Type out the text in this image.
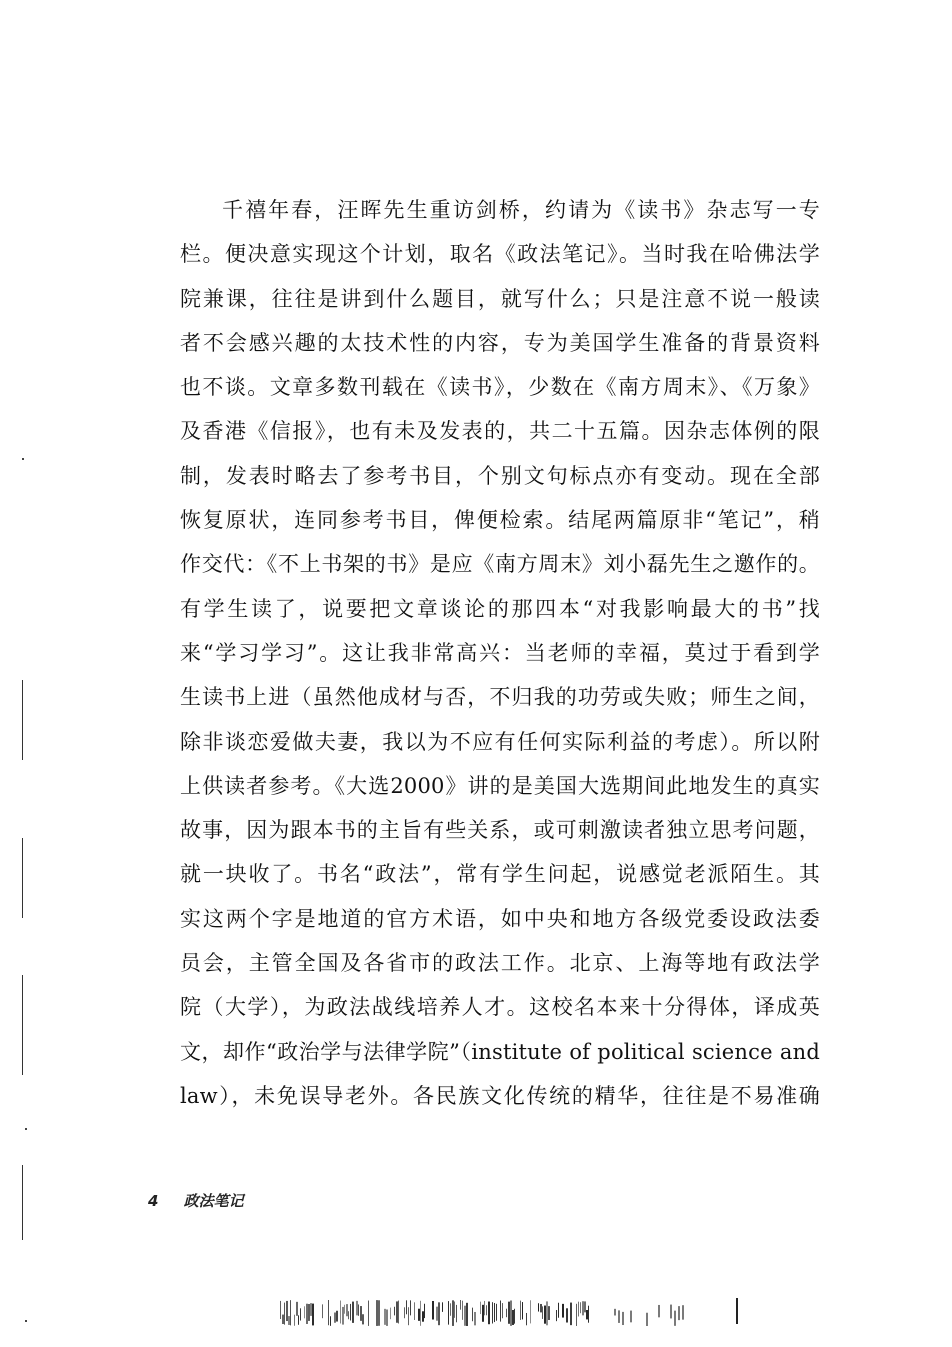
千禧年春，汪晖先生重访剑桥，约请为《读书》杂志写一专
栏。便决意实现这个计划，取名《政法笔记》。当时我在哈佛法学
院兼课，往往是讲到什么题目，就写什么；只是注意不说一般读
者不会感兴趣的太技术性的内容，专为美国学生准备的背景资料
也不谈。文章多数刊载在《读书》，少数在《南方周末》、《万象》
及香港《信报》，也有未及发表的，共二十五篇。因杂志体例的限
制，发表时略去了参考书目，个别文句标点亦有变动。现在全部
恢复原状，连同参考书目，俾便检索。结尾两篇原非“笔记”，稍
作交代：《不上书架的书》是应《南方周末》刘小磊先生之邀作的。
有学生读了，说要把文章谈论的那四本“对我影响最大的书”找
来“学习学习”。这让我非常高兴：当老师的幸福，莫过于看到学
生读书上进（虽然他成材与否，不归我的功劳或失败；师生之间，
除非谈恋爱做夫妻，我以为不应有任何实际利益的考虑）。所以附
上供读者参考。《大选2000》讲的是美国大选期间此地发生的真实
故事，因为跟本书的主旨有些关系，或可刺激读者独立思考问题，
就一块收了。书名“政法”，常有学生问起，说感觉老派陌生。其
实这两个字是地道的官方术语，如中央和地方各级党委设政法委
员会，主管全国及各省市的政法工作。北京、上海等地有政法学
院（大学），为政法战线培养人才。这校名本来十分得体，译成英
文，却作“政治学与法律学院”（institute of political science and
law），未免误导老外。各民族文化传统的精华，往往是不易准确
4 政法笔记
